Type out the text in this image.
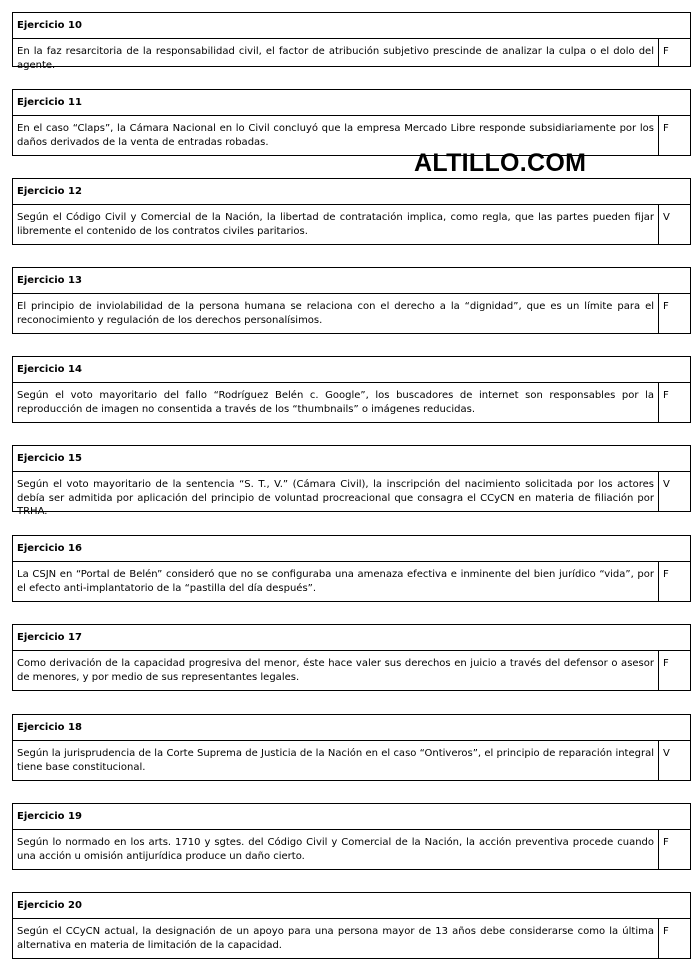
Ejercicio 10
En la faz resarcitoria de la responsabilidad civil, el factor de atribución subjetivo prescinde de analizar la culpa o el dolo del agente.
F
Ejercicio 11
En el caso “Claps”, la Cámara Nacional en lo Civil concluyó que la empresa Mercado Libre responde subsidiariamente por los daños derivados de la venta de entradas robadas.
F
ALTILLO.COM
Ejercicio 12
Según el Código Civil y Comercial de la Nación, la libertad de contratación implica, como regla, que las partes pueden fijar libremente el contenido de los contratos civiles paritarios.
V
Ejercicio 13
El principio de inviolabilidad de la persona humana se relaciona con el derecho a la “dignidad”, que es un límite para el reconocimiento y regulación de los derechos personalísimos.
F
Ejercicio 14
Según el voto mayoritario del fallo “Rodríguez Belén c. Google”, los buscadores de internet son responsables por la reproducción de imagen no consentida a través de los “thumbnails” o imágenes reducidas.
F
Ejercicio 15
Según el voto mayoritario de la sentencia “S. T., V.” (Cámara Civil), la inscripción del nacimiento solicitada por los actores debía ser admitida por aplicación del principio de voluntad procreacional que consagra el CCyCN en materia de filiación por TRHA.
V
Ejercicio 16
La CSJN en “Portal de Belén” consideró que no se configuraba una amenaza efectiva e inminente del bien jurídico “vida”, por el efecto anti-implantatorio de la “pastilla del día después”.
F
Ejercicio 17
Como derivación de la capacidad progresiva del menor, éste hace valer sus derechos en juicio a través del defensor o asesor de menores, y por medio de sus representantes legales.
F
Ejercicio 18
Según la jurisprudencia de la Corte Suprema de Justicia de la Nación en el caso “Ontiveros”, el principio de reparación integral tiene base constitucional.
V
Ejercicio 19
Según lo normado en los arts. 1710 y sgtes. del Código Civil y Comercial de la Nación, la acción preventiva procede cuando una acción u omisión antijurídica produce un daño cierto.
F
Ejercicio 20
Según el CCyCN actual, la designación de un apoyo para una persona mayor de 13 años debe considerarse como la última alternativa en materia de limitación de la capacidad.
F
